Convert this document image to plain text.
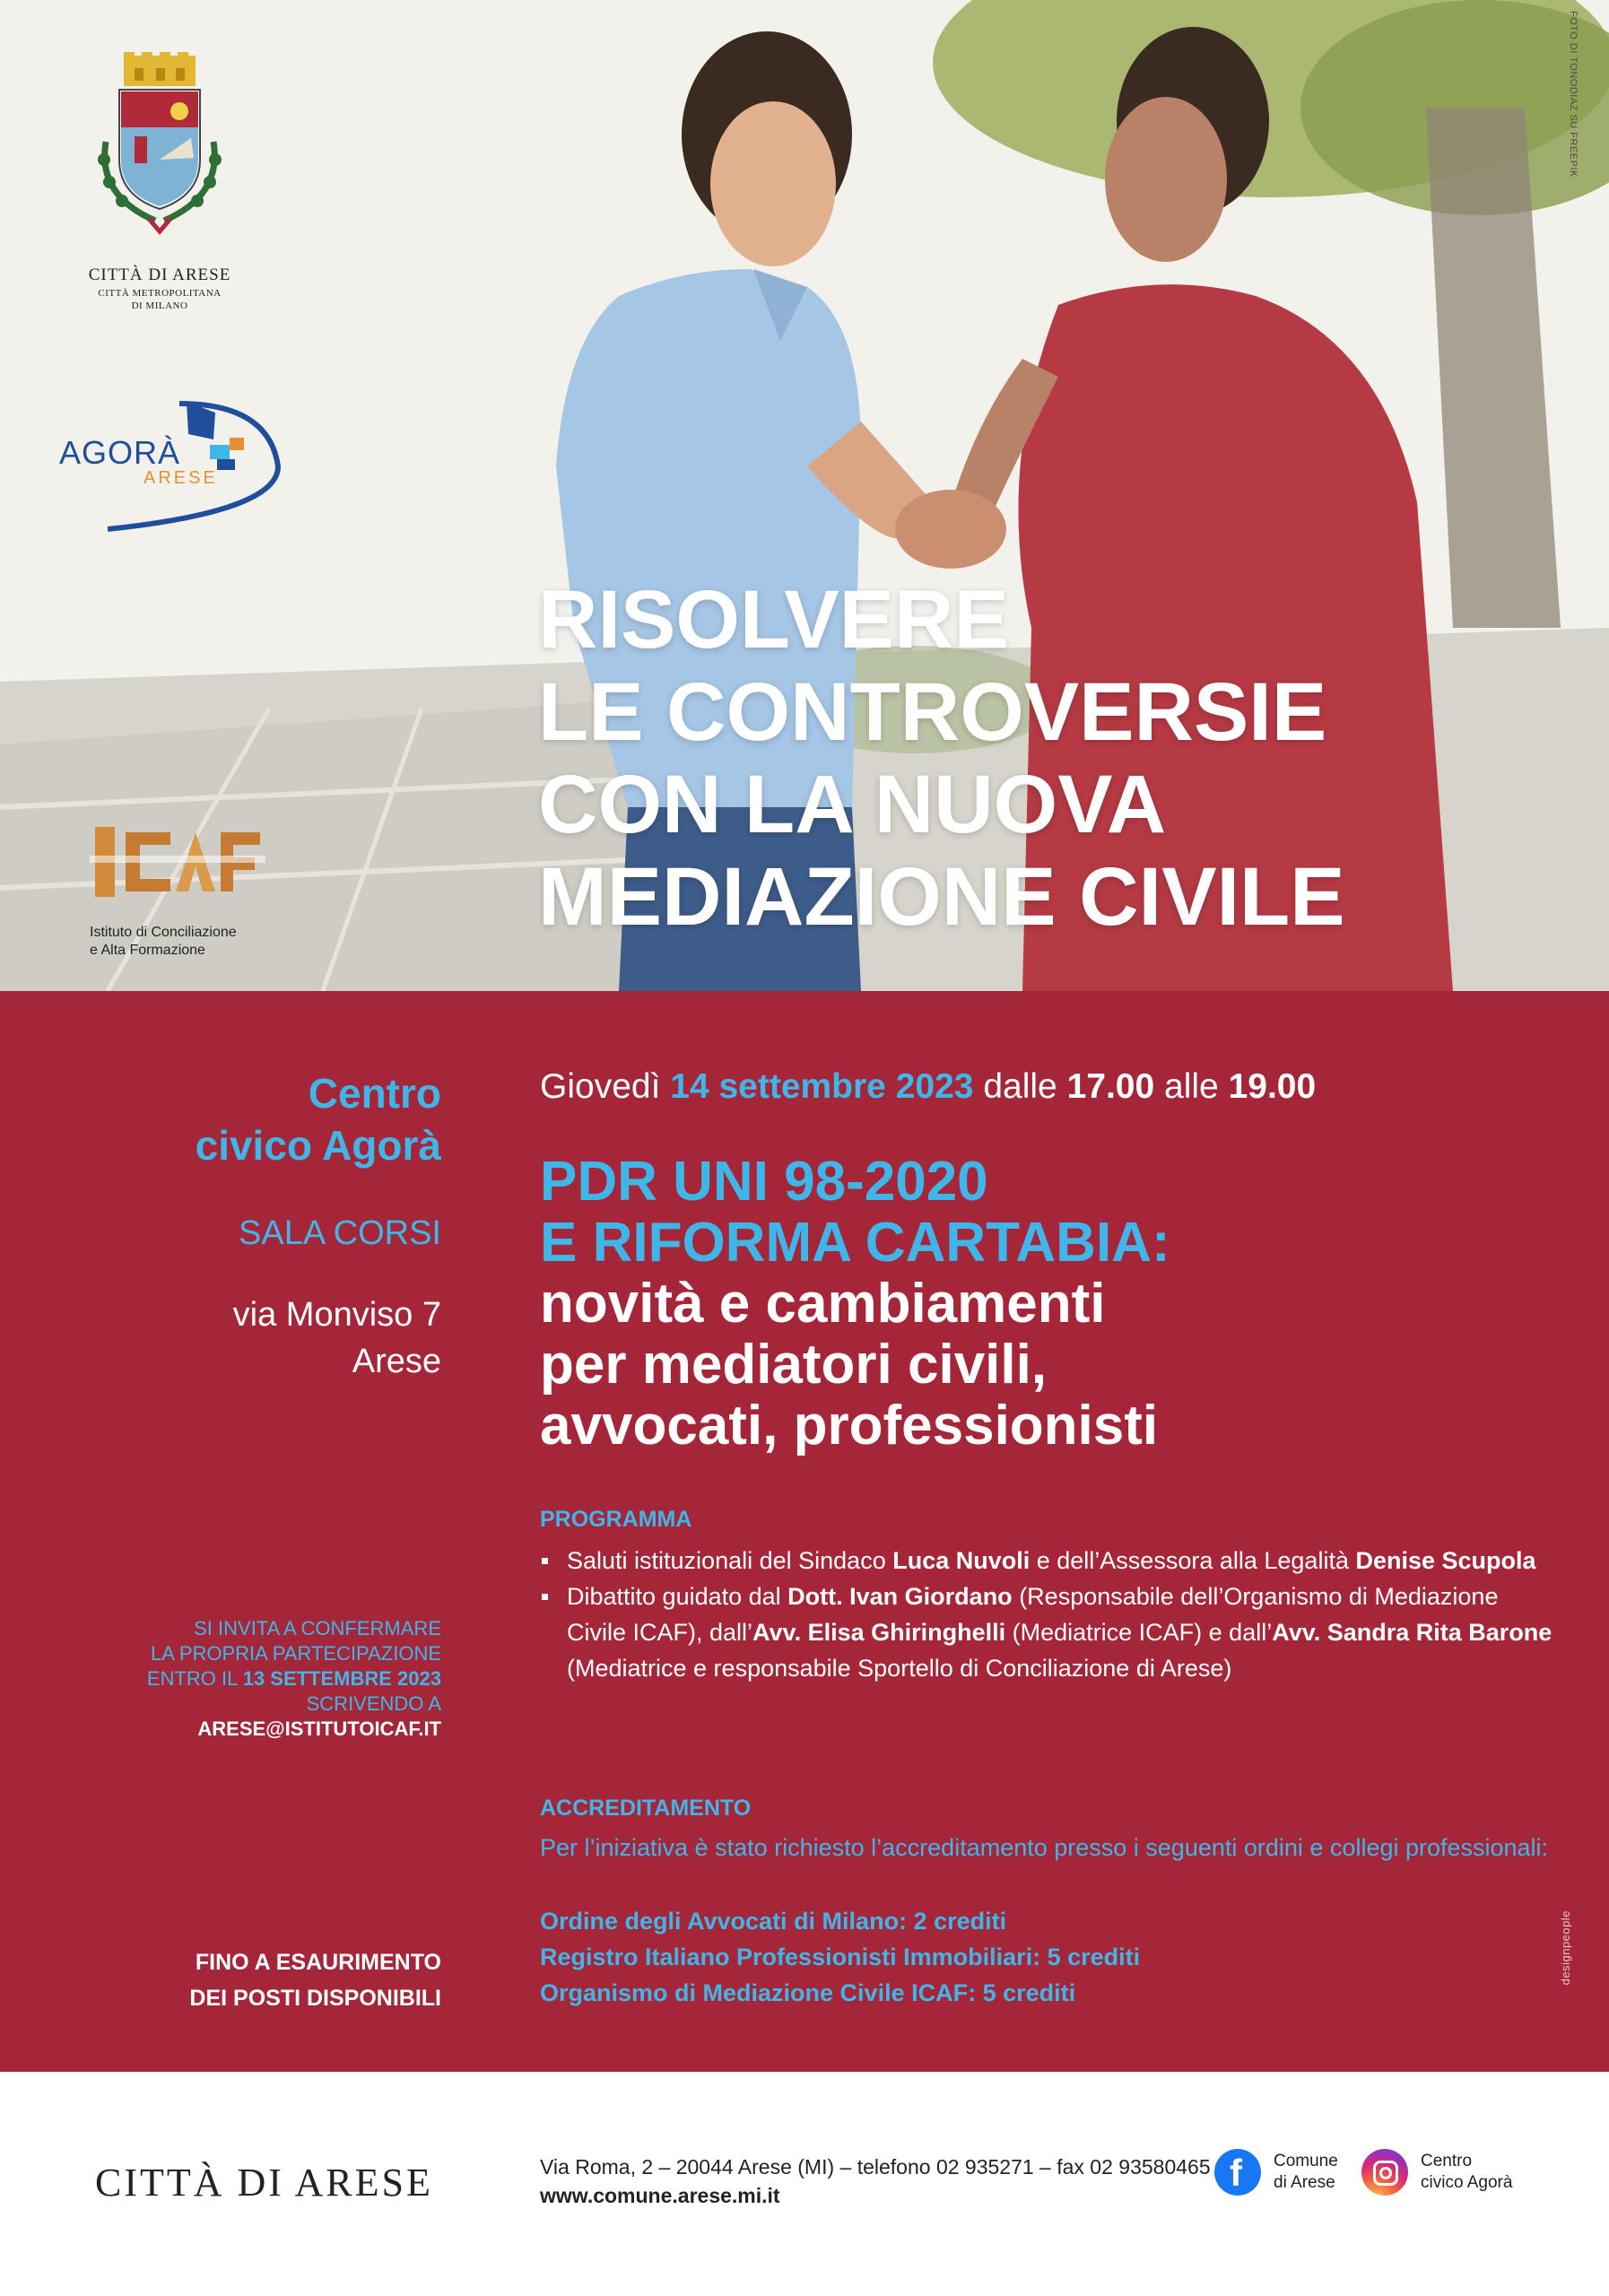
FOTO DI TONODIAZ SU FREEPIK
CITTÀ DI ARESE
CITTÀ METROPOLITANA
DI MILANO
AGORÀ
ARESE
Istituto di Conciliazione
e Alta Formazione
RISOLVERE
LE CONTROVERSIE
CON LA NUOVA
MEDIAZIONE CIVILE
Centro
civico Agorà
SALA CORSI
via Monviso 7
Arese
SI INVITA A CONFERMARE
LA PROPRIA PARTECIPAZIONE
ENTRO IL 13 SETTEMBRE 2023
SCRIVENDO A
ARESE@ISTITUTOICAF.IT
FINO A ESAURIMENTO
DEI POSTI DISPONIBILI
Giovedì 14 settembre 2023 dalle 17.00 alle 19.00
PDR UNI 98-2020
E RIFORMA CARTABIA:
novità e cambiamenti
per mediatori civili,
avvocati, professionisti
PROGRAMMA
Saluti istituzionali del Sindaco Luca Nuvoli e dell’Assessora alla Legalità Denise Scupola
Dibattito guidato dal Dott. Ivan Giordano (Responsabile dell’Organismo di Mediazione Civile ICAF), dall’Avv. Elisa Ghiringhelli (Mediatrice ICAF) e dall’Avv. Sandra Rita Barone (Mediatrice e responsabile Sportello di Conciliazione di Arese)
ACCREDITAMENTO
Per l’iniziativa è stato richiesto l’accreditamento presso i seguenti ordini e collegi professionali:
Ordine degli Avvocati di Milano: 2 crediti
Registro Italiano Professionisti Immobiliari: 5 crediti
Organismo di Mediazione Civile ICAF: 5 crediti
designpeople
CITTÀ DI ARESE	Via Roma, 2 – 20044 Arese (MI) – telefono 02 935271 – fax 02 93580465
www.comune.arese.mi.it
f
Comune
di Arese
Centro
civico Agorà
